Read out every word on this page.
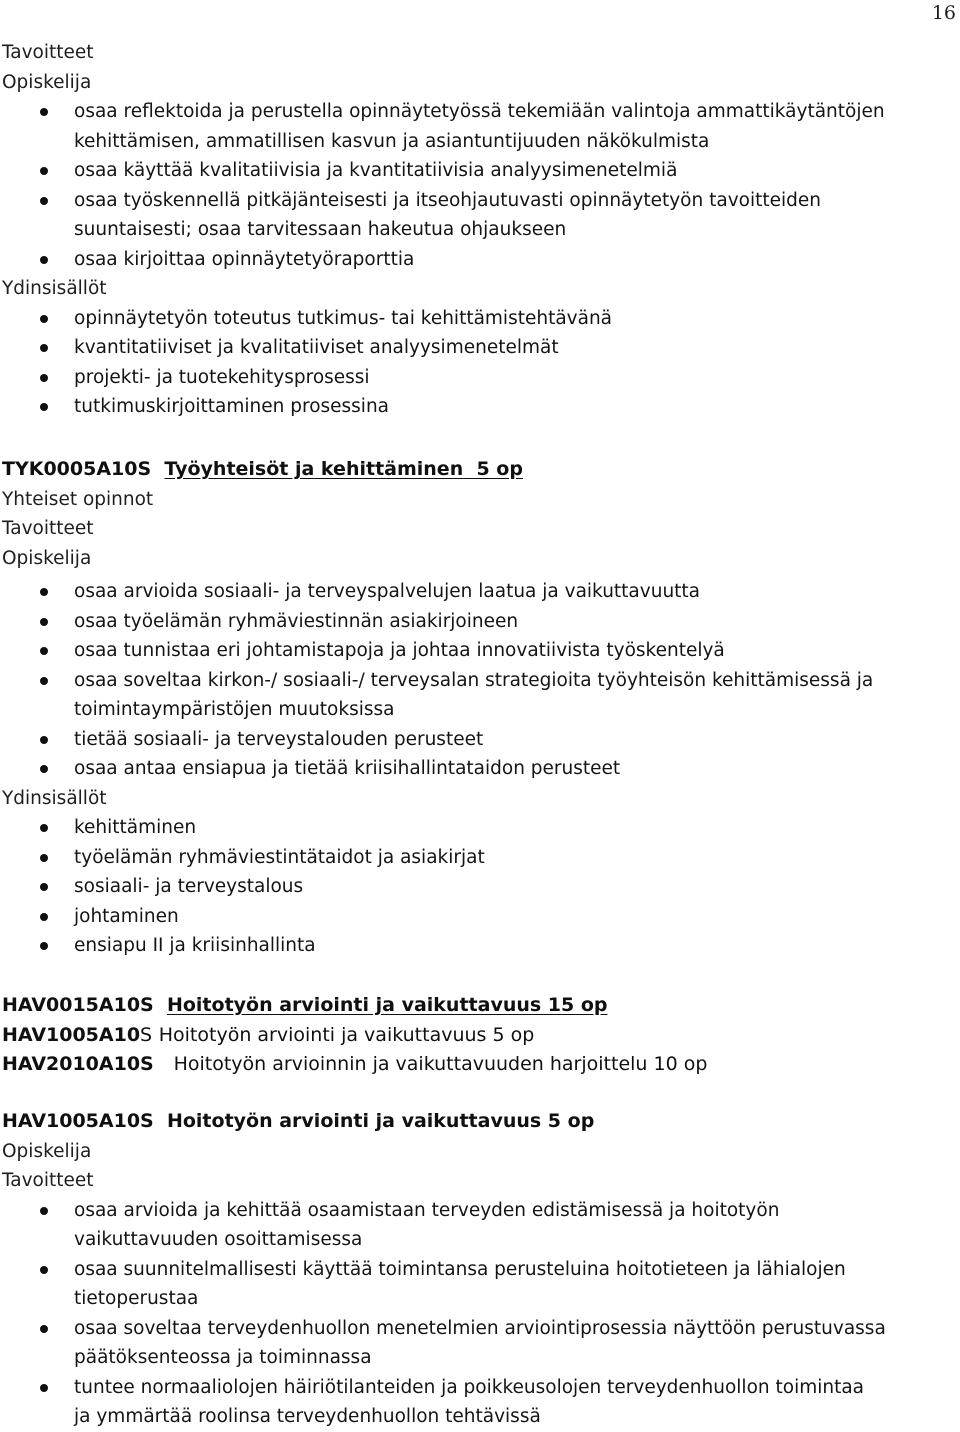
16
Tavoitteet
Opiskelija
osaa reflektoida ja perustella opinnäytetyössä tekemiään valintoja ammattikäytäntöjen
kehittämisen, ammatillisen kasvun ja asiantuntijuuden näkökulmista
osaa käyttää kvalitatiivisia ja kvantitatiivisia analyysimenetelmiä
osaa työskennellä pitkäjänteisesti ja itseohjautuvasti opinnäytetyön tavoitteiden
suuntaisesti; osaa tarvitessaan hakeutua ohjaukseen
osaa kirjoittaa opinnäytetyöraporttia
Ydinsisällöt
opinnäytetyön toteutus tutkimus- tai kehittämistehtävänä
kvantitatiiviset ja kvalitatiiviset analyysimenetelmät
projekti- ja tuotekehitysprosessi
tutkimuskirjoittaminen prosessina
TYK0005A10S Työyhteisöt ja kehittäminen 5 op
Yhteiset opinnot
Tavoitteet
Opiskelija
osaa arvioida sosiaali- ja terveyspalvelujen laatua ja vaikuttavuutta
osaa työelämän ryhmäviestinnän asiakirjoineen
osaa tunnistaa eri johtamistapoja ja johtaa innovatiivista työskentelyä
osaa soveltaa kirkon-/ sosiaali-/ terveysalan strategioita työyhteisön kehittämisessä ja
toimintaympäristöjen muutoksissa
tietää sosiaali- ja terveystalouden perusteet
osaa antaa ensiapua ja tietää kriisihallintataidon perusteet
Ydinsisällöt
kehittäminen
työelämän ryhmäviestintätaidot ja asiakirjat
sosiaali- ja terveystalous
johtaminen
ensiapu II ja kriisinhallinta
HAV0015A10S Hoitotyön arviointi ja vaikuttavuus 15 op
HAV1005A10S Hoitotyön arviointi ja vaikuttavuus 5 op
HAV2010A10S Hoitotyön arvioinnin ja vaikuttavuuden harjoittelu 10 op
HAV1005A10S Hoitotyön arviointi ja vaikuttavuus 5 op
Opiskelija
Tavoitteet
osaa arvioida ja kehittää osaamistaan terveyden edistämisessä ja hoitotyön
vaikuttavuuden osoittamisessa
osaa suunnitelmallisesti käyttää toimintansa perusteluina hoitotieteen ja lähialojen
tietoperustaa
osaa soveltaa terveydenhuollon menetelmien arviointiprosessia näyttöön perustuvassa
päätöksenteossa ja toiminnassa
tuntee normaaliolojen häiriötilanteiden ja poikkeusolojen terveydenhuollon toimintaa
ja ymmärtää roolinsa terveydenhuollon tehtävissä
